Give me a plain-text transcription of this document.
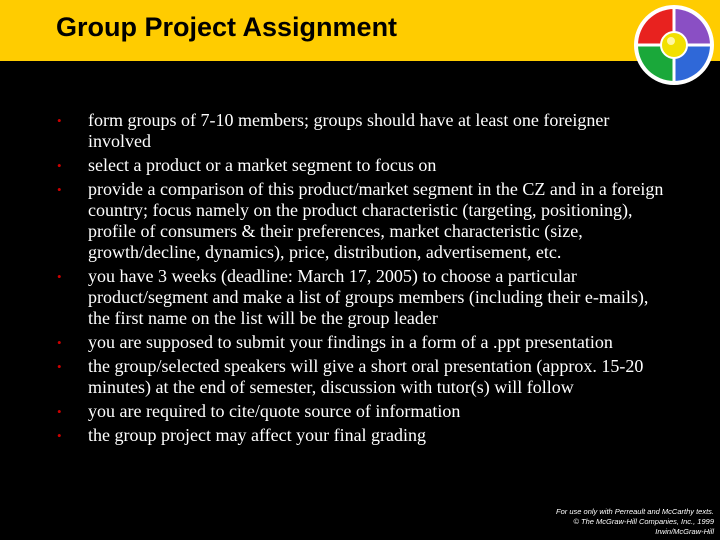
Group Project Assignment
• form groups of 7-10 members; groups should have at least one foreigner involved
• select a product or a market segment to focus on
• provide a comparison of this product/market segment in the CZ and in a foreign country; focus namely on the product characteristic (targeting, positioning), profile of consumers & their preferences, market characteristic (size, growth/decline, dynamics), price, distribution, advertisement, etc.
• you have 3 weeks (deadline: March 17, 2005) to choose a particular product/segment and make a list of groups members (including their e-mails), the first name on the list will be the group leader
• you are supposed to submit your findings in a form of a .ppt presentation
• the group/selected speakers will give a short oral presentation (approx. 15-20 minutes) at the end of semester, discussion with tutor(s) will follow
• you are required to cite/quote source of information
• the group project may affect your final grading
For use only with Perreault and McCarthy texts.
© The McGraw-Hill Companies, Inc., 1999
Irwin/McGraw-Hill
